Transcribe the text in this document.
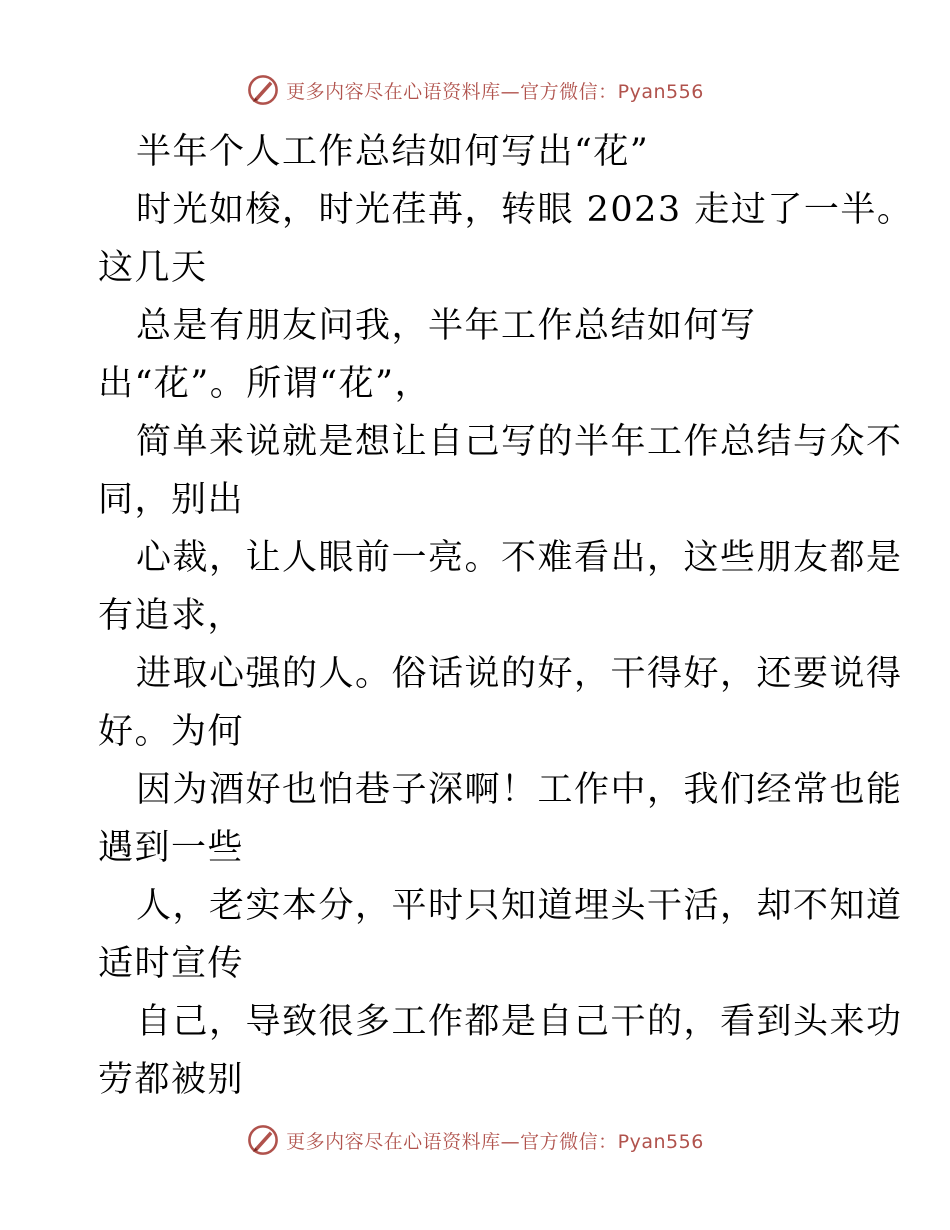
更多内容尽在心语资料库—官方微信：Pyan556
半年个人工作总结如何写出“花”
时光如梭，时光荏苒，转眼 2023 走过了一半。
这几天
总是有朋友问我，半年工作总结如何写
出“花”。所谓“花”，
简单来说就是想让自己写的半年工作总结与众不
同，别出
心裁，让人眼前一亮。不难看出，这些朋友都是
有追求，
进取心强的人。俗话说的好，干得好，还要说得
好。为何
因为酒好也怕巷子深啊！工作中，我们经常也能
遇到一些
人，老实本分，平时只知道埋头干活，却不知道
适时宣传
自己，导致很多工作都是自己干的，看到头来功
劳都被别
更多内容尽在心语资料库—官方微信：Pyan556
